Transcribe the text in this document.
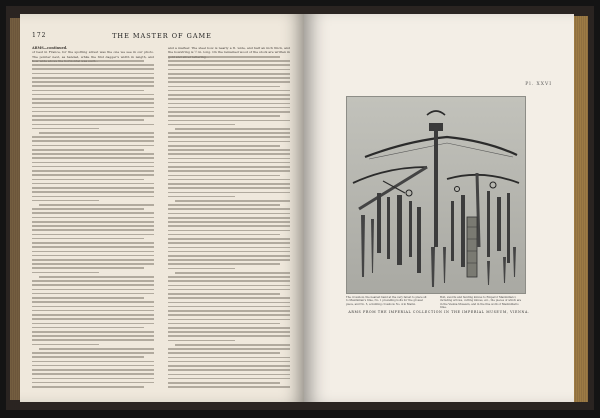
172	THE MASTER OF GAME

ARMS—continued.

of best in France, for the spotting arrest was the one we see in our photo. The pointer next, as handed, while the first dagger's width in length, and

and a marker. The steel bow is nearly a ft. wide, and half an inch thick, and the bowstring is ½ in. long. On the remained wood of the stock are written in

Pl. XXVI
The crossbow, the nearest hand at the very farest to place sit to Maximilian's time, No. 1 prevailing bolts for the grossel piece, and No. 5, a hunting crossbow No. 4 in Mainz.
Bolt, swords and hunting knives to Emperor Maximilian I, including arrows, cutting knives, etc., the pieces of which are in the Vienna Museum, and in the fine work of Maximilian's time.
ARMS FROM THE IMPERIAL COLLECTION IN THE IMPERIAL MUSEUM, VIENNA.
